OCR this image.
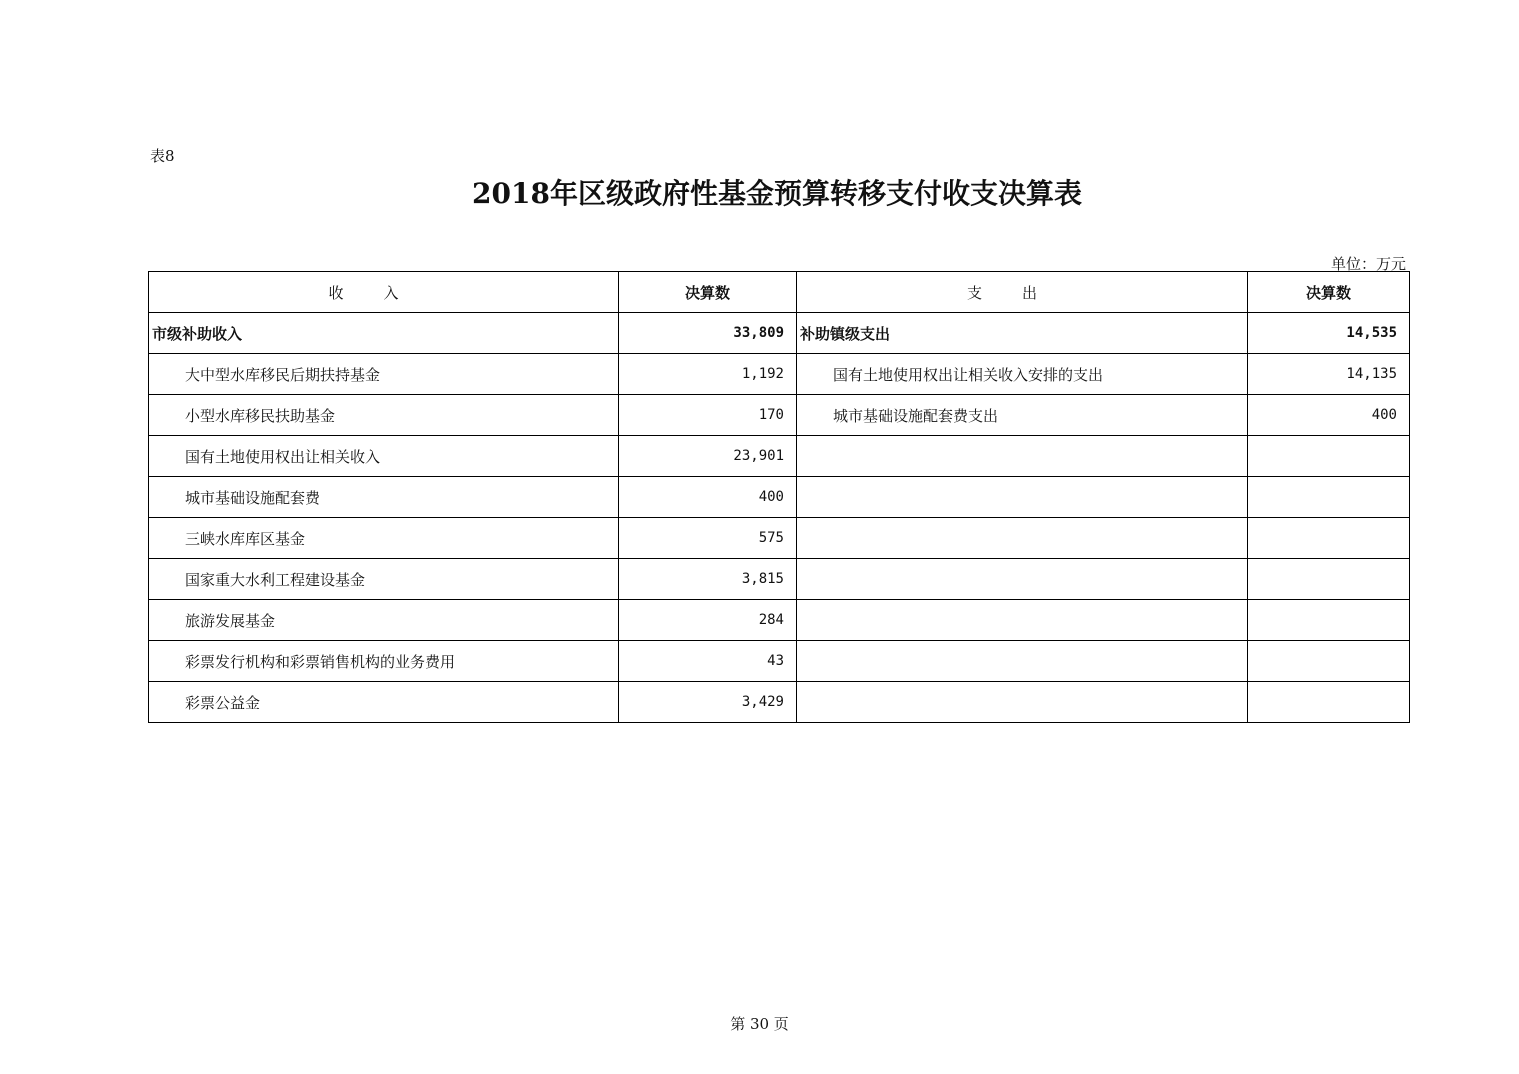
表8
2018年区级政府性基金预算转移支付收支决算表
单位：万元
收入	决算数	支出	决算数
市级补助收入	33,809	补助镇级支出	14,535
大中型水库移民后期扶持基金	1,192	国有土地使用权出让相关收入安排的支出	14,135
小型水库移民扶助基金	170	城市基础设施配套费支出	400
国有土地使用权出让相关收入	23,901		
城市基础设施配套费	400		
三峡水库库区基金	575		
国家重大水利工程建设基金	3,815		
旅游发展基金	284		
彩票发行机构和彩票销售机构的业务费用	43		
彩票公益金	3,429		
第 30 页
